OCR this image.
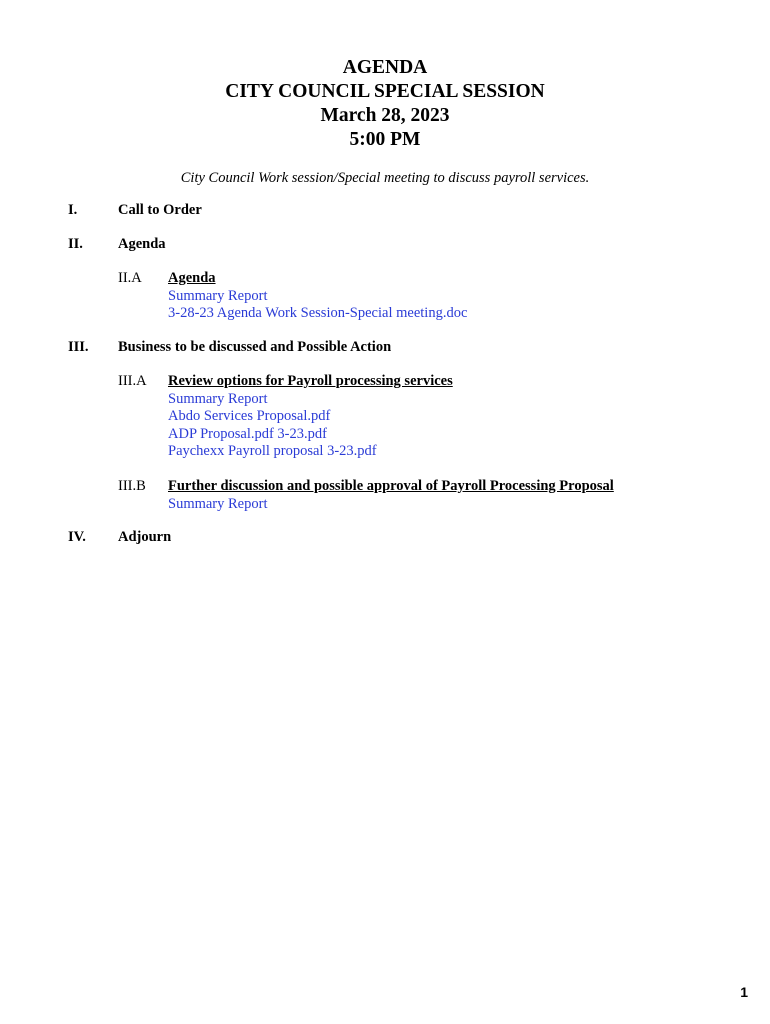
AGENDA
CITY COUNCIL SPECIAL SESSION
March 28, 2023
5:00 PM
City Council Work session/Special meeting to discuss payroll services.
I.	Call to Order
II. Agenda
II.A Agenda
Summary Report
3-28-23 Agenda Work Session-Special meeting.doc
III. Business to be discussed and Possible Action
III.A Review options for Payroll processing services
Summary Report
Abdo Services Proposal.pdf
ADP Proposal.pdf 3-23.pdf
Paychexx Payroll proposal 3-23.pdf
III.B Further discussion and possible approval of Payroll Processing Proposal
Summary Report
IV. Adjourn
1
